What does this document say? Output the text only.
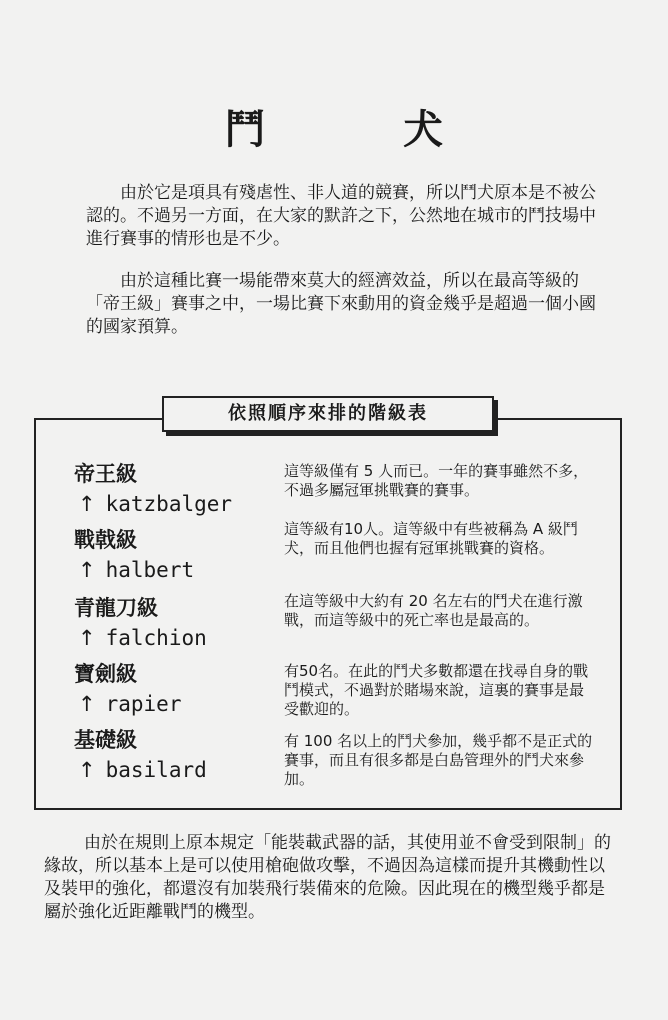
鬥 犬

由於它是項具有殘虐性、非人道的競賽，所以鬥犬原本是不被公認的。不過另一方面，在大家的默許之下，公然地在城市的鬥技場中進行賽事的情形也是不少。

由於這種比賽一場能帶來莫大的經濟效益，所以在最高等級的「帝王級」賽事之中，一場比賽下來動用的資金幾乎是超過一個小國的國家預算。

依照順序來排的階級表
帝王級
↑ katzbalger

這等級僅有 5 人而已。一年的賽事雖然不多，不過多屬冠軍挑戰賽的賽事。

戰戟級
↑ halbert

這等級有10人。這等級中有些被稱為 A 級鬥犬，而且他們也握有冠軍挑戰賽的資格。

青龍刀級
↑ falchion

在這等級中大約有 20 名左右的鬥犬在進行激戰，而這等級中的死亡率也是最高的。

寶劍級
↑ rapier

有50名。在此的鬥犬多數都還在找尋自身的戰鬥模式，不過對於賭場來說，這裏的賽事是最受歡迎的。

基礎級
↑ basilard

有 100 名以上的鬥犬參加，幾乎都不是正式的賽事，而且有很多都是白島管理外的鬥犬來參加。

由於在規則上原本規定「能裝載武器的話，其使用並不會受到限制」的緣故，所以基本上是可以使用槍砲做攻擊，不過因為這樣而提升其機動性以及裝甲的強化，都還沒有加裝飛行裝備來的危險。因此現在的機型幾乎都是屬於強化近距離戰鬥的機型。
